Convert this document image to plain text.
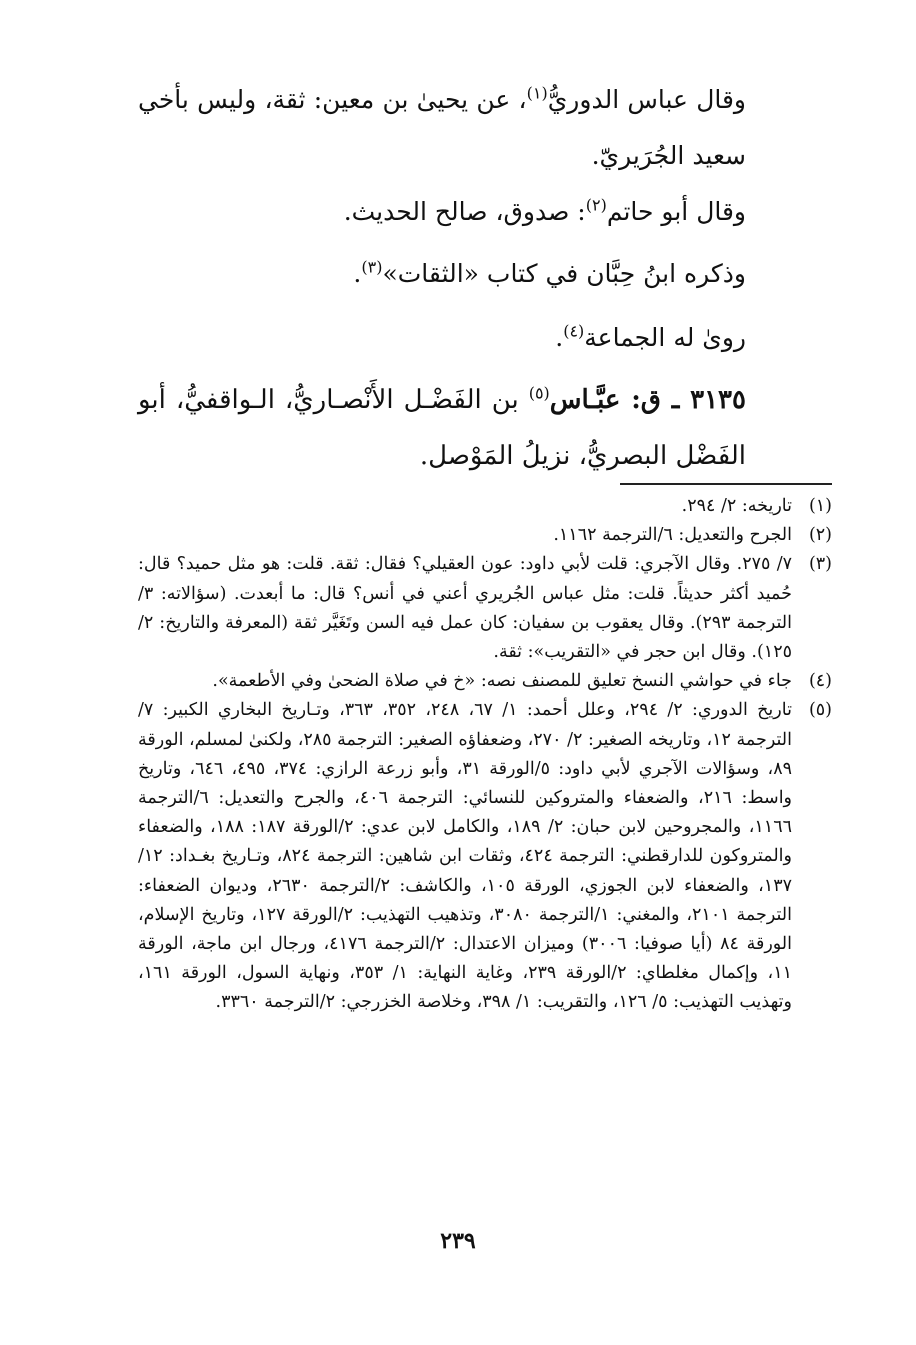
وقال عباس الدوريُّ$^{(١)}$، عن يحيىٰ بن معين: ثقة، وليس بأخي سعيد الجُرَيريّ.

وقال أبو حاتم$^{(٢)}$: صدوق، صالح الحديث.

وذكره ابنُ حِبَّان في كتاب «الثقات»$^{(٣)}$.

رویٰ له الجماعة$^{(٤)}$.

٣١٣٥ ـ ق: عبَّـاس$^{(٥)}$ بن الفَضْـل الأَنْصـاريُّ، الـواقفيُّ، أبو الفَضْل البصريُّ، نزيلُ المَوْصل.

(١)
تاريخه: ٢/ ٢٩٤.

(٢)
الجرح والتعديل: ٦/الترجمة ١١٦٢.

(٣)
٧/ ٢٧٥. وقال الآجري: قلت لأبي داود: عون العقيلي؟ فقال: ثقة. قلت: هو مثل حميد؟ قال: حُميد أكثر حديثاً. قلت: مثل عباس الجُريري أعني في أنس؟ قال: ما أبعدت. (سؤالاته: ٣/الترجمة ٢٩٣). وقال يعقوب بن سفيان: كان عمل فيه السن وتَغَيَّر ثقة (المعرفة والتاريخ: ٢/ ١٢٥). وقال ابن حجر في «التقريب»: ثقة.

(٤)
جاء في حواشي النسخ تعليق للمصنف نصه: «خ في صلاة الضحىٰ وفي الأطعمة».

(٥)
تاريخ الدوري: ٢/ ٢٩٤، وعلل أحمد: ١/ ٦٧، ٢٤٨، ٣٥٢، ٣٦٣، وتـاريخ البخاري الكبير: ٧/الترجمة ١٢، وتاريخه الصغير: ٢/ ٢٧٠، وضعفاؤه الصغير: الترجمة ٢٨٥، ولكنىٰ لمسلم، الورقة ٨٩، وسؤالات الآجري لأبي داود: ٥/الورقة ٣١، وأبو زرعة الرازي: ٣٧٤، ٤٩٥، ٦٤٦، وتاريخ واسط: ٢١٦، والضعفاء والمتروكين للنسائي: الترجمة ٤٠٦، والجرح والتعديل: ٦/الترجمة ١١٦٦، والمجروحين لابن حبان: ٢/ ١٨٩، والكامل لابن عدي: ٢/الورقة ١٨٧: ١٨٨، والضعفاء والمتروكون للدارقطني: الترجمة ٤٢٤، وثقات ابن شاهين: الترجمة ٨٢٤، وتـاريخ بغـداد: ١٢/ ١٣٧، والضعفاء لابن الجوزي، الورقة ١٠٥، والكاشف: ٢/الترجمة ٢٦٣٠، وديوان الضعفاء: الترجمة ٢١٠١، والمغني: ١/الترجمة ٣٠٨٠، وتذهيب التهذيب: ٢/الورقة ١٢٧، وتاريخ الإسلام، الورقة ٨٤ (أيا صوفيا: ٣٠٠٦) وميزان الاعتدال: ٢/الترجمة ٤١٧٦، ورجال ابن ماجة، الورقة ١١، وإكمال مغلطاي: ٢/الورقة ٢٣٩، وغاية النهاية: ١/ ٣٥٣، ونهاية السول، الورقة ١٦١، وتهذيب التهذيب: ٥/ ١٢٦، والتقريب: ١/ ٣٩٨، وخلاصة الخزرجي: ٢/الترجمة ٣٣٦٠.

٢٣٩
